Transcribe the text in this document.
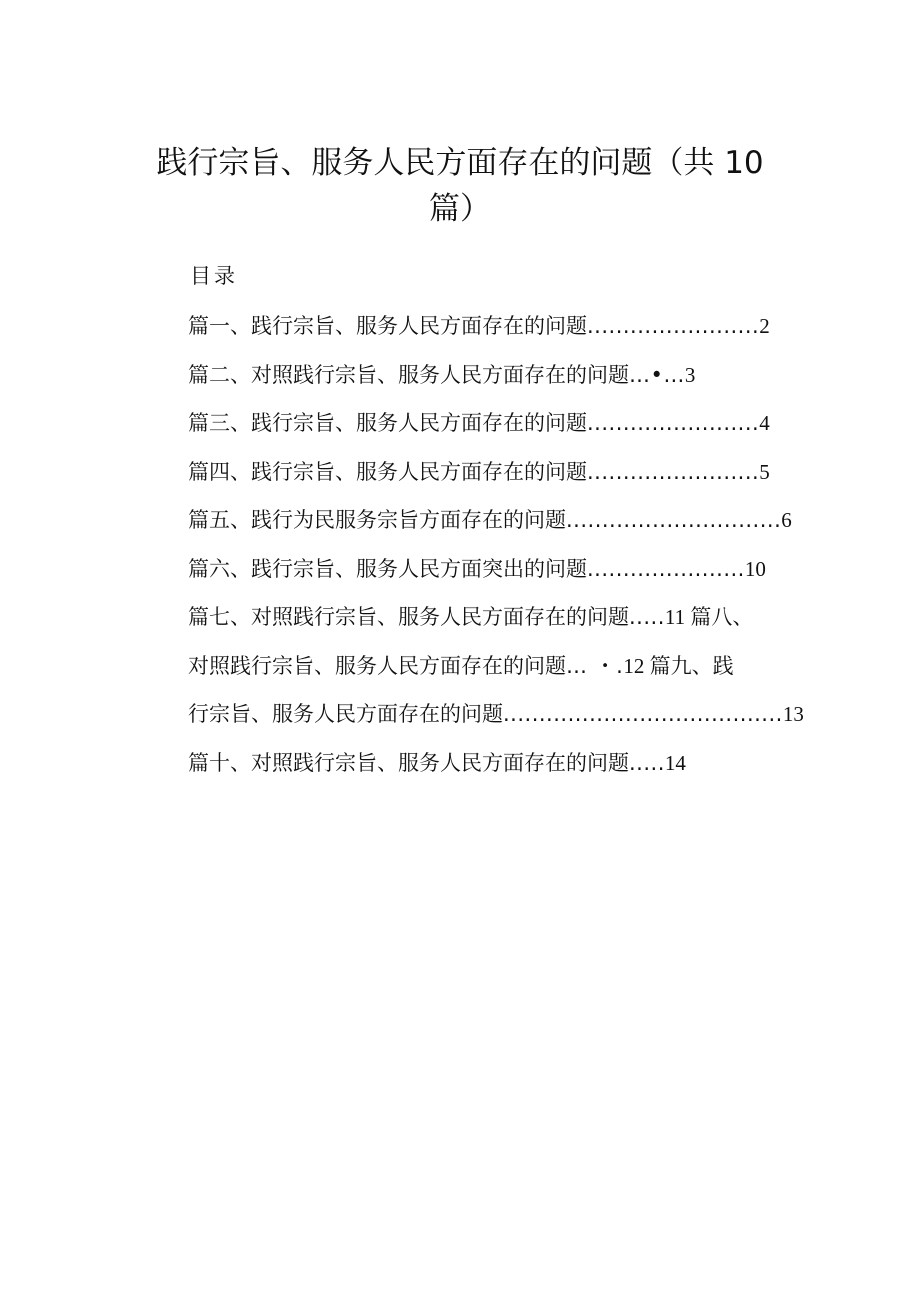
践行宗旨、服务人民方面存在的问题（共 10
篇）
目录
篇一、践行宗旨、服务人民方面存在的问题........................2
篇二、对照践行宗旨、服务人民方面存在的问题…•…3
篇三、践行宗旨、服务人民方面存在的问题........................4
篇四、践行宗旨、服务人民方面存在的问题........................5
篇五、践行为民服务宗旨方面存在的问题..............................6
篇六、践行宗旨、服务人民方面突出的问题......................10
篇七、对照践行宗旨、服务人民方面存在的问题.....11 篇八、
对照践行宗旨、服务人民方面存在的问题… ・.12 篇九、践
行宗旨、服务人民方面存在的问题.......................................13
篇十、对照践行宗旨、服务人民方面存在的问题.....14
